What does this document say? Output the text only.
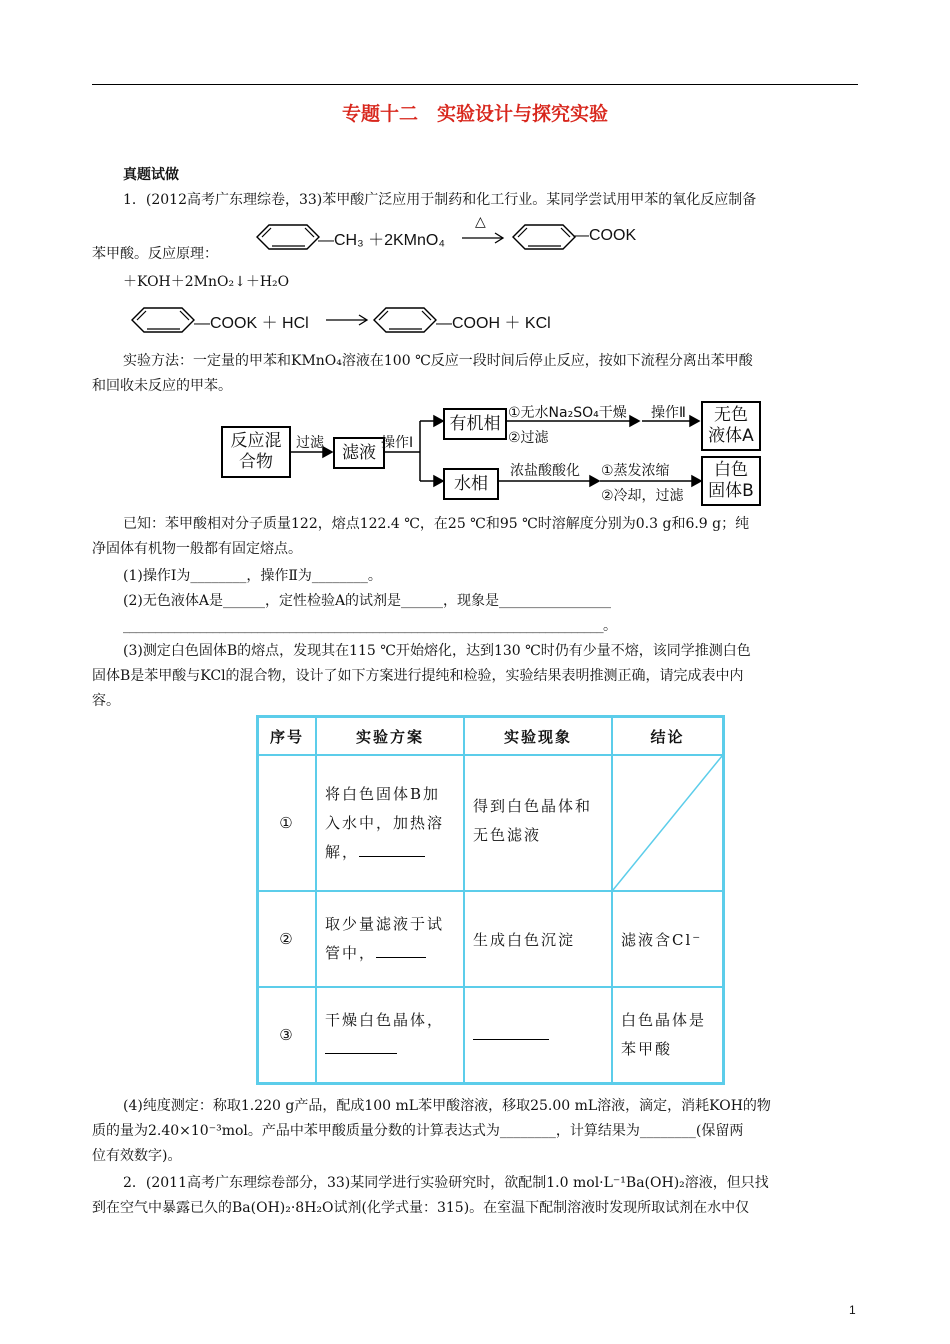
专题十二　实验设计与探究实验
真题试做
1．(2012高考广东理综卷，33)苯甲酸广泛应用于制药和化工行业。某同学尝试用甲苯的氧化反应制备
苯甲酸。反应原理：
—CH₃ ＋2KMnO₄
△
—COOK
＋KOH＋2MnO₂↓＋H₂O
—COOK ＋ HCl →	—COOH ＋ KCl
实验方法：一定量的甲苯和KMnO₄溶液在100 ℃反应一段时间后停止反应，按如下流程分离出苯甲酸
和回收未反应的甲苯。
反应混
合物
过滤	滤液 操作Ⅰ
有机相
①无水Na₂SO₄干燥
②过滤
操作Ⅱ	无色
液体A
水相
浓盐酸酸化 ①蒸发浓缩
②冷却，过滤
白色
固体B
已知：苯甲酸相对分子质量122，熔点122.4 ℃，在25 ℃和95 ℃时溶解度分别为0.3 g和6.9 g；纯
净固体有机物一般都有固定熔点。
(1)操作Ⅰ为________，操作Ⅱ为________。
(2)无色液体A是______，定性检验A的试剂是______，现象是________________
___________________________________________________________________________。
(3)测定白色固体B的熔点，发现其在115 ℃开始熔化，达到130 ℃时仍有少量不熔，该同学推测白色
固体B是苯甲酸与KCl的混合物，设计了如下方案进行提纯和检验，实验结果表明推测正确，请完成表中内
容。
序号	实验方案	实验现象	结论
①	将白色固体B加入水中，加热溶解，	得到白色晶体和无色滤液	

②	取少量滤液于试管中，	生成白色沉淀	滤液含Cl⁻
③	干燥白色晶体，		白色晶体是苯甲酸
(4)纯度测定：称取1.220 g产品，配成100 mL苯甲酸溶液，移取25.00 mL溶液，滴定，消耗KOH的物
质的量为2.40×10⁻³mol。产品中苯甲酸质量分数的计算表达式为________，计算结果为________(保留两
位有效数字)。
2．(2011高考广东理综卷部分，33)某同学进行实验研究时，欲配制1.0 mol·L⁻¹Ba(OH)₂溶液，但只找
到在空气中暴露已久的Ba(OH)₂·8H₂O试剂(化学式量：315)。在室温下配制溶液时发现所取试剂在水中仅
1
